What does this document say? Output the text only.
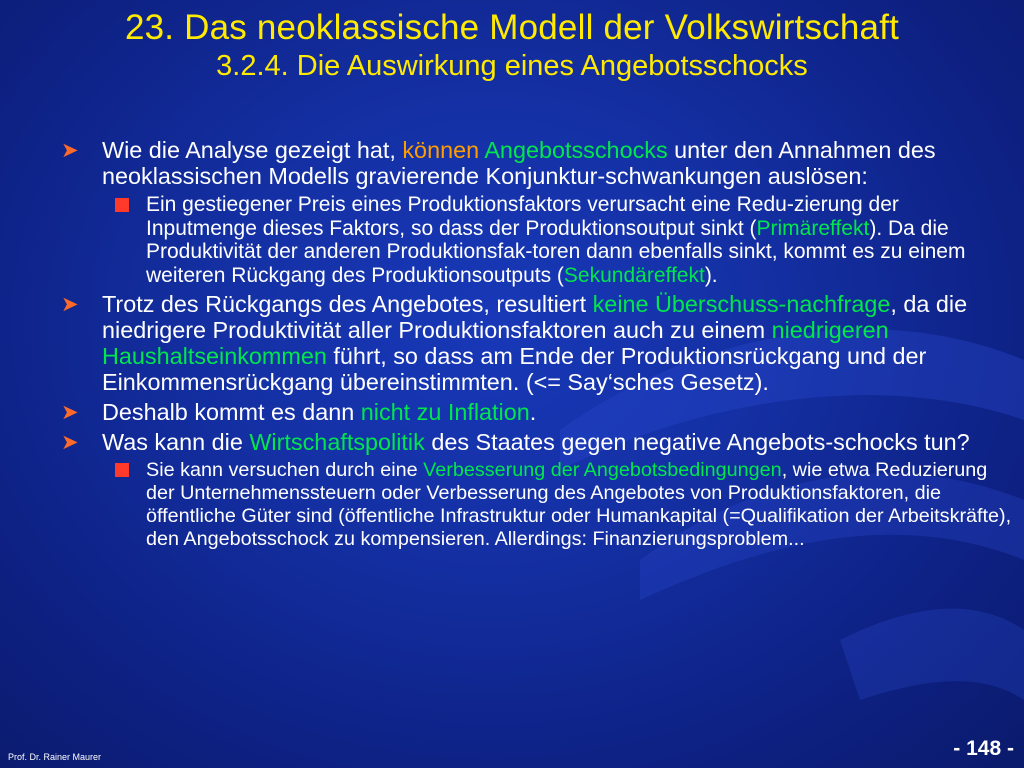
23. Das neoklassische Modell der Volkswirtschaft
3.2.4. Die Auswirkung eines Angebotsschocks
➤ Wie die Analyse gezeigt hat, können Angebotsschocks unter den Annahmen des neoklassischen Modells gravierende Konjunktur-schwankungen auslösen:
Ein gestiegener Preis eines Produktionsfaktors verursacht eine Redu-zierung der Inputmenge dieses Faktors, so dass der Produktionsoutput sinkt (Primäreffekt). Da die Produktivität der anderen Produktionsfak-toren dann ebenfalls sinkt, kommt es zu einem weiteren Rückgang des Produktionsoutputs (Sekundäreffekt).
➤ Trotz des Rückgangs des Angebotes, resultiert keine Überschuss-nachfrage, da die niedrigere Produktivität aller Produktionsfaktoren auch zu einem niedrigeren Haushaltseinkommen führt, so dass am Ende der Produktionsrückgang und der Einkommensrückgang übereinstimmten. (<= Say‘sches Gesetz).
➤ Deshalb kommt es dann nicht zu Inflation.
➤ Was kann die Wirtschaftspolitik des Staates gegen negative Angebots-schocks tun?
Sie kann versuchen durch eine Verbesserung der Angebotsbedingungen, wie etwa Reduzierung der Unternehmenssteuern oder Verbesserung des Angebotes von Produktionsfaktoren, die öffentliche Güter sind (öffentliche Infrastruktur oder Humankapital (=Qualifikation der Arbeitskräfte), den Angebotsschock zu kompensieren. Allerdings: Finanzierungsproblem...
Prof. Dr. Rainer Maurer	- 148 -
